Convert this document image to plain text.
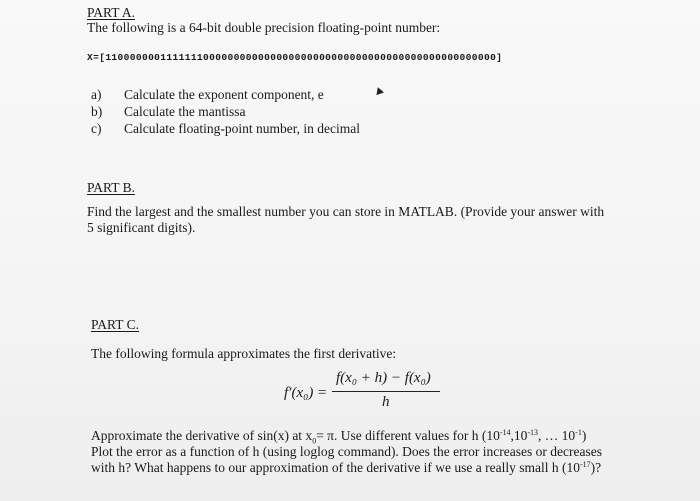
PART A.
The following is a 64-bit double precision floating-point number:
X=[1100000001111111000000000000000000000000000000000000000000000000]
a) Calculate the exponent component, e
b) Calculate the mantissa
c) Calculate floating-point number, in decimal
PART B.
Find the largest and the smallest number you can store in MATLAB. (Provide your answer with
5 significant digits).
PART C.
The following formula approximates the first derivative:
f′(x₀) =
f(x₀ + h) − f(x₀)
h
Approximate the derivative of sin(x) at $x_0= \pi$. Use different values for h ($10^{-14},10^{-13}$, … $10^{-1}$)
Plot the error as a function of h (using loglog command). Does the error increases or decreases
with h? What happens to our approximation of the derivative if we use a really small h $(10^{-17})$?
